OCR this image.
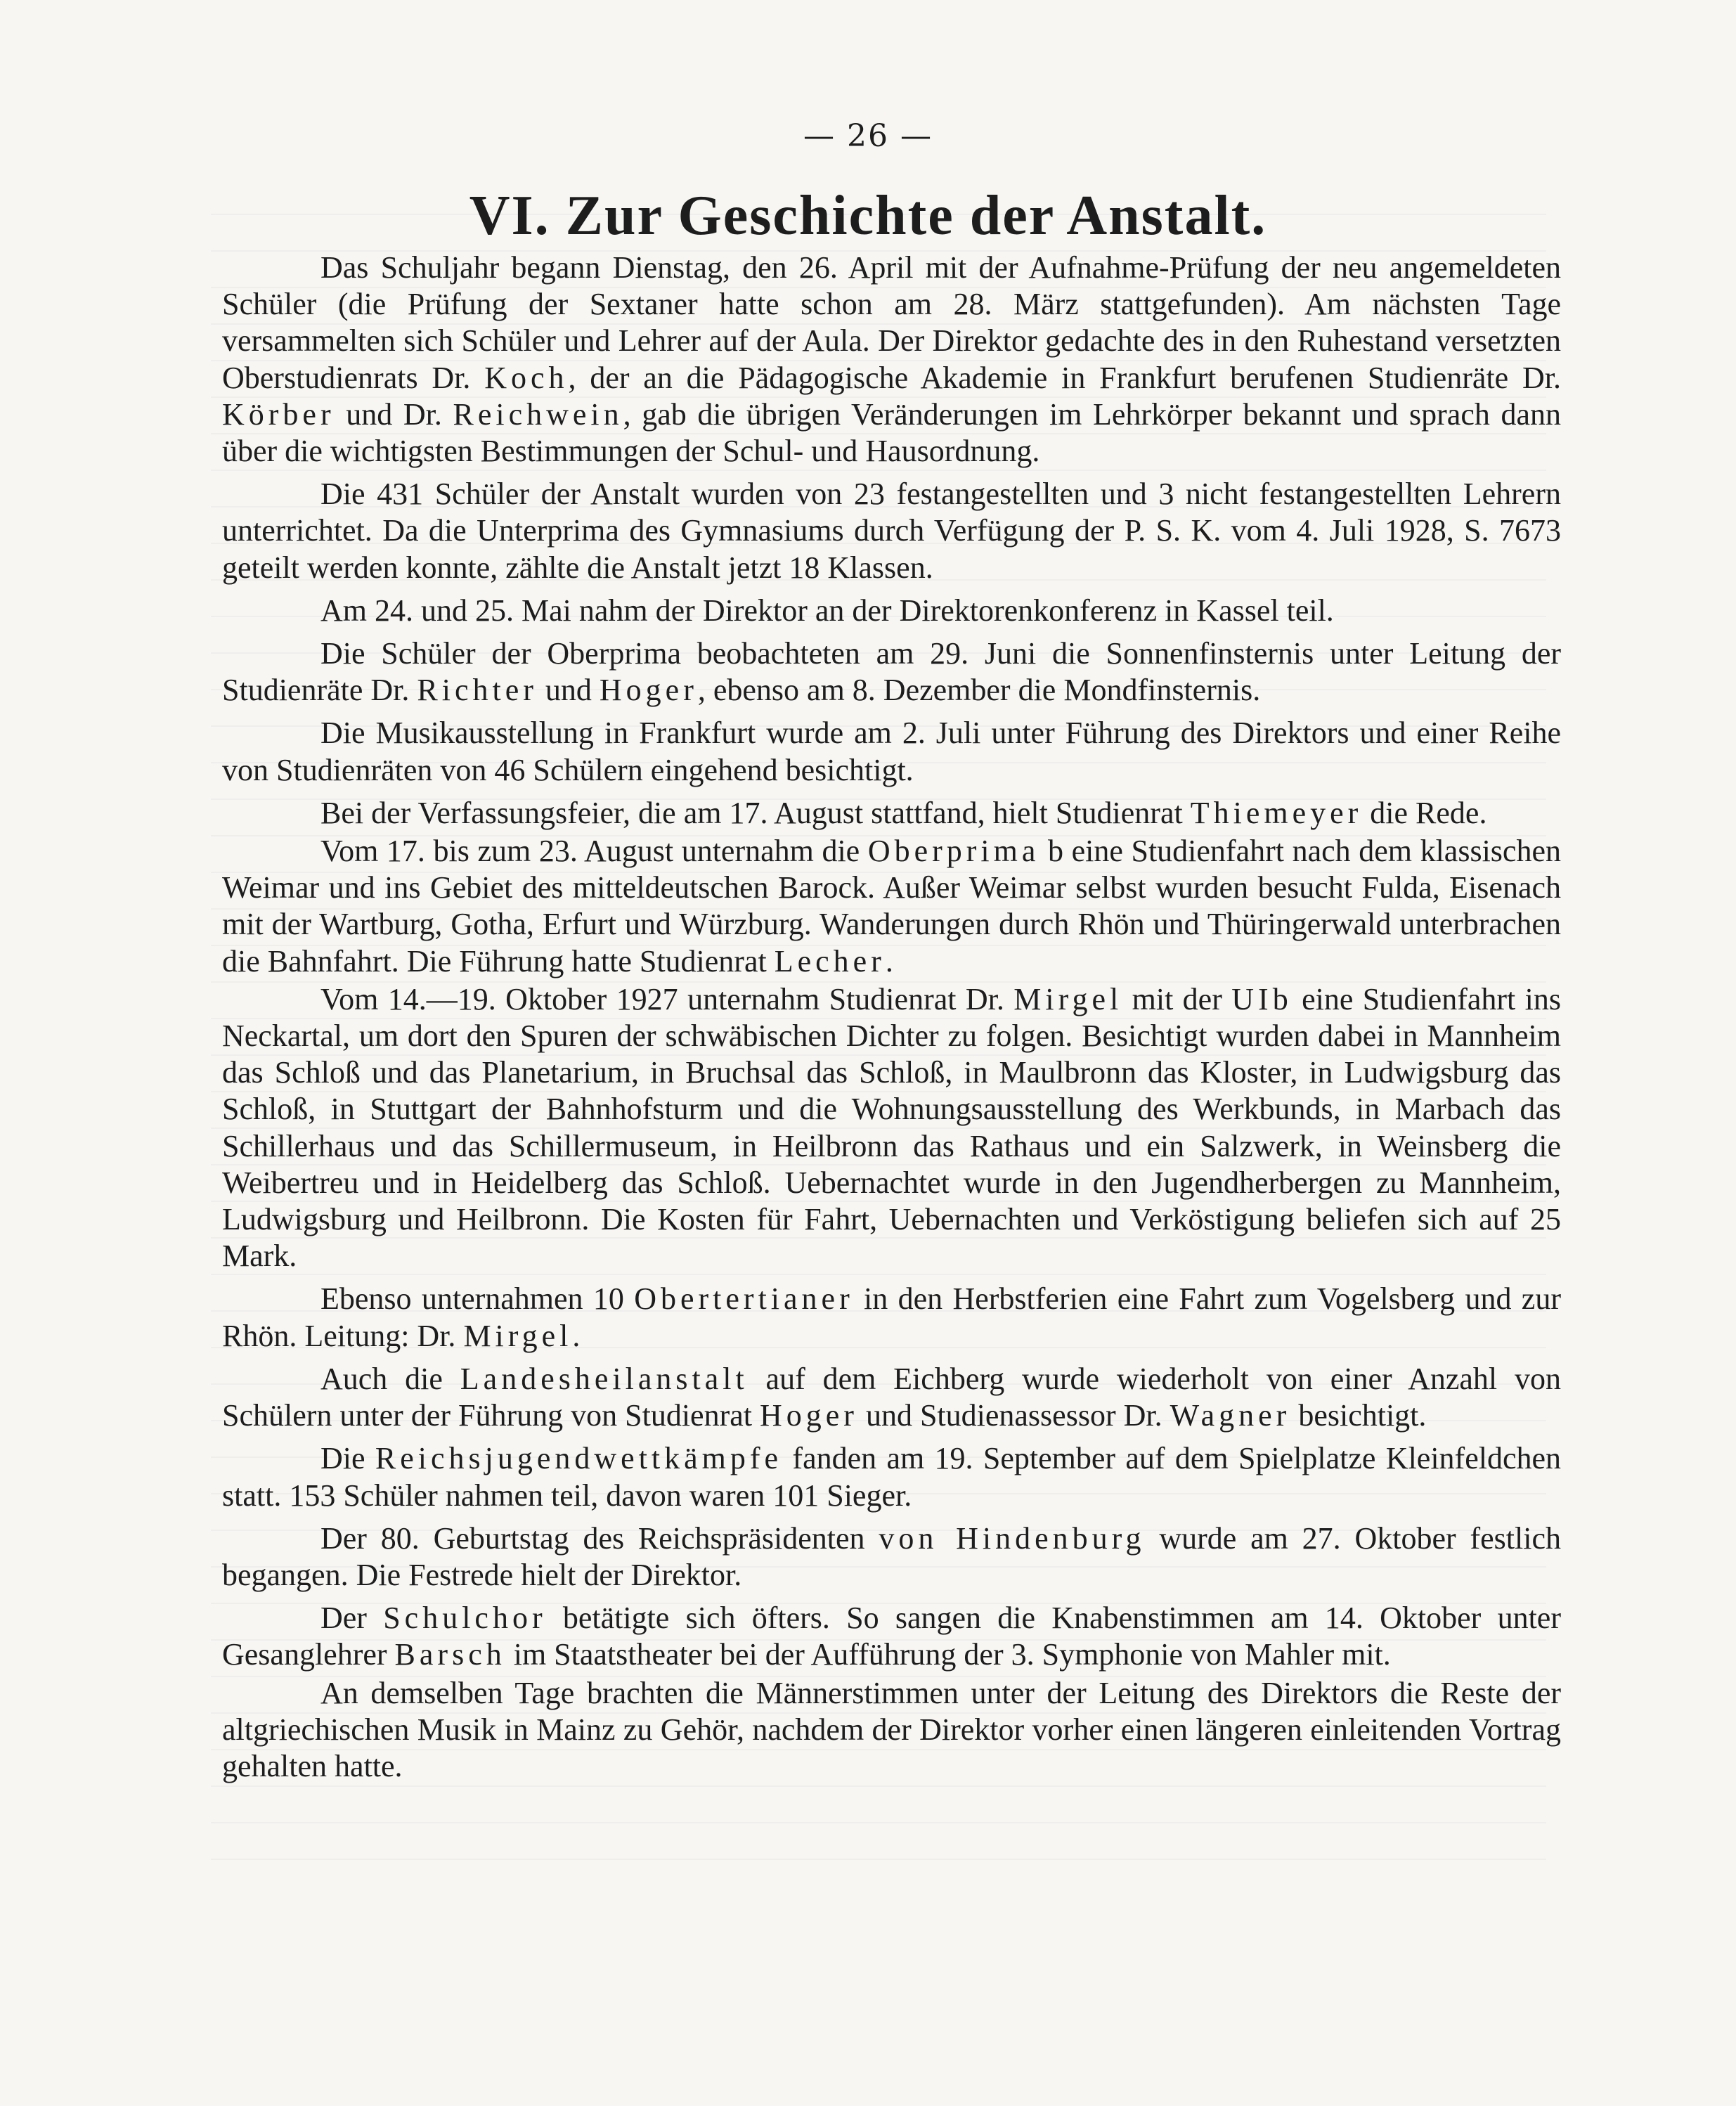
— 26 —
VI. Zur Geschichte der Anstalt.

Das Schuljahr begann Dienstag, den 26. April mit der Aufnahme-Prüfung der neu angemeldeten Schüler (die Prüfung der Sextaner hatte schon am 28. März stattgefunden). Am nächsten Tage versammelten sich Schüler und Lehrer auf der Aula. Der Direktor gedachte des in den Ruhestand versetzten Oberstudienrats Dr. Koch, der an die Pädagogische Akademie in Frankfurt berufenen Studienräte Dr. Körber und Dr. Reichwein, gab die übrigen Veränderungen im Lehrkörper bekannt und sprach dann über die wichtigsten Bestimmungen der Schul- und Hausordnung.

Die 431 Schüler der Anstalt wurden von 23 festangestellten und 3 nicht festangestellten Lehrern unterrichtet. Da die Unterprima des Gymnasiums durch Verfügung der P. S. K. vom 4. Juli 1928, S. 7673 geteilt werden konnte, zählte die Anstalt jetzt 18 Klassen.

Am 24. und 25. Mai nahm der Direktor an der Direktorenkonferenz in Kassel teil.

Die Schüler der Oberprima beobachteten am 29. Juni die Sonnenfinsternis unter Leitung der Studienräte Dr. Richter und Hoger, ebenso am 8. Dezember die Mondfinsternis.

Die Musikausstellung in Frankfurt wurde am 2. Juli unter Führung des Direktors und einer Reihe von Studienräten von 46 Schülern eingehend besichtigt.

Bei der Verfassungsfeier, die am 17. August stattfand, hielt Studienrat Thiemeyer die Rede.

Vom 17. bis zum 23. August unternahm die Oberprima b eine Studienfahrt nach dem klassischen Weimar und ins Gebiet des mitteldeutschen Barock. Außer Weimar selbst wurden besucht Fulda, Eisenach mit der Wartburg, Gotha, Erfurt und Würzburg. Wanderungen durch Rhön und Thüringerwald unterbrachen die Bahnfahrt. Die Führung hatte Studienrat Lecher.

Vom 14.—19. Oktober 1927 unternahm Studienrat Dr. Mirgel mit der UIb eine Studienfahrt ins Neckartal, um dort den Spuren der schwäbischen Dichter zu folgen. Besichtigt wurden dabei in Mannheim das Schloß und das Planetarium, in Bruchsal das Schloß, in Maulbronn das Kloster, in Ludwigsburg das Schloß, in Stuttgart der Bahnhofsturm und die Wohnungsausstellung des Werkbunds, in Marbach das Schillerhaus und das Schillermuseum, in Heilbronn das Rathaus und ein Salzwerk, in Weinsberg die Weibertreu und in Heidelberg das Schloß. Uebernachtet wurde in den Jugendherbergen zu Mannheim, Ludwigsburg und Heilbronn. Die Kosten für Fahrt, Uebernachten und Verköstigung beliefen sich auf 25 Mark.

Ebenso unternahmen 10 Obertertianer in den Herbstferien eine Fahrt zum Vogelsberg und zur Rhön. Leitung: Dr. Mirgel.

Auch die Landesheilanstalt auf dem Eichberg wurde wiederholt von einer Anzahl von Schülern unter der Führung von Studienrat Hoger und Studienassessor Dr. Wagner besichtigt.

Die Reichsjugendwettkämpfe fanden am 19. September auf dem Spielplatze Kleinfeldchen statt. 153 Schüler nahmen teil, davon waren 101 Sieger.

Der 80. Geburtstag des Reichspräsidenten von Hindenburg wurde am 27. Oktober festlich begangen. Die Festrede hielt der Direktor.

Der Schulchor betätigte sich öfters. So sangen die Knabenstimmen am 14. Oktober unter Gesanglehrer Barsch im Staatstheater bei der Aufführung der 3. Symphonie von Mahler mit.

An demselben Tage brachten die Männerstimmen unter der Leitung des Direktors die Reste der altgriechischen Musik in Mainz zu Gehör, nachdem der Direktor vorher einen längeren einleitenden Vortrag gehalten hatte.
